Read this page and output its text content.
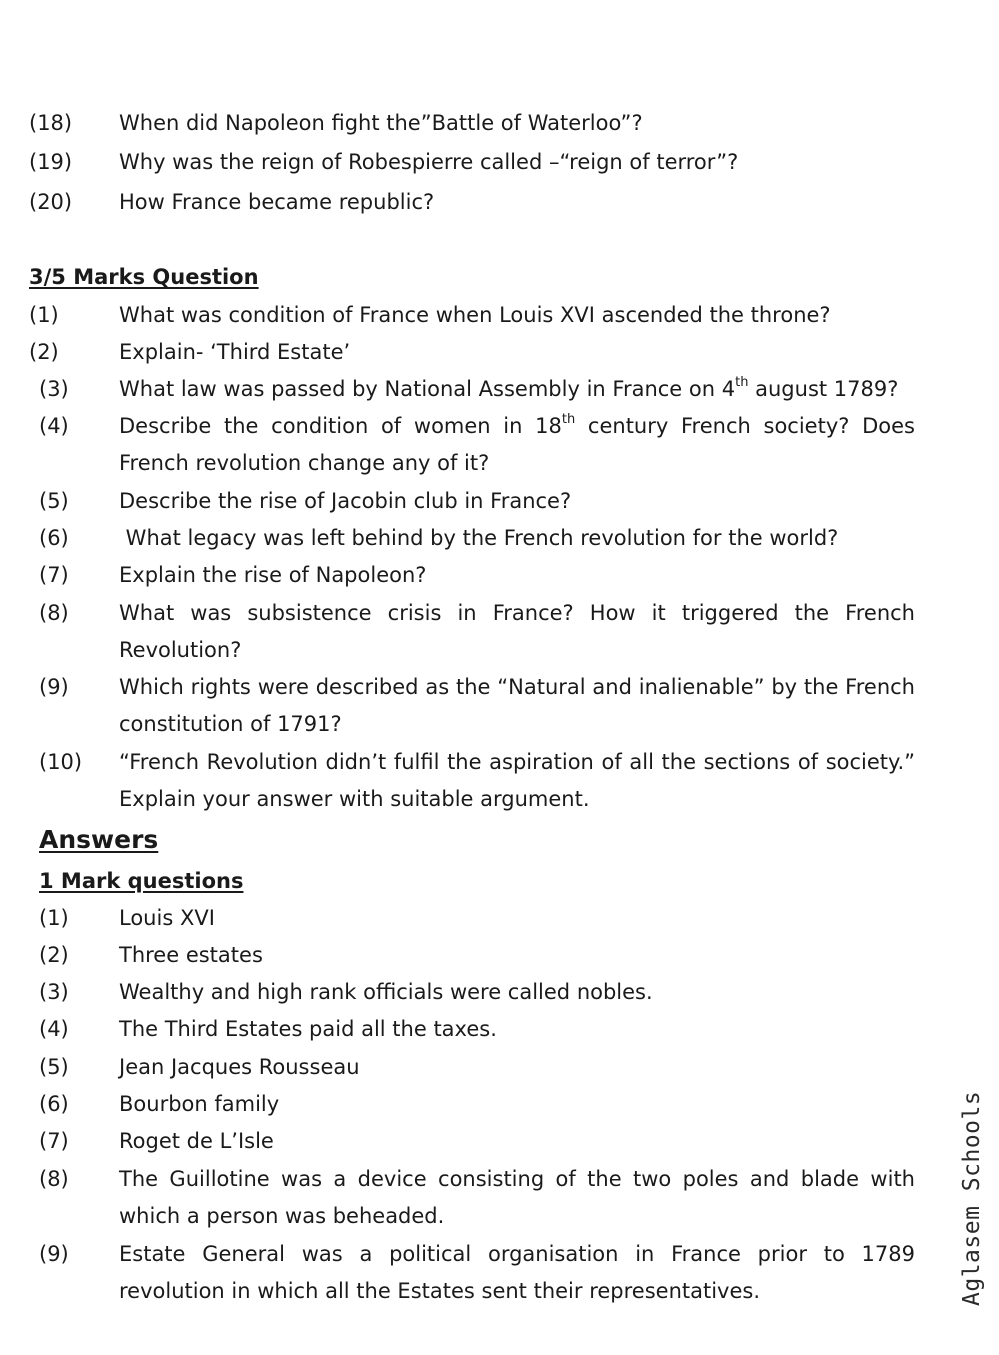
(18) When did Napoleon fight the”Battle of Waterloo”?
(19) Why was the reign of Robespierre called –“reign of terror”?
(20) How France became republic?
3/5 Marks Question
(1)	What was condition of France when Louis XVI ascended the throne?
(2)	Explain- ‘Third Estate’
(3) What law was passed by National Assembly in France on 4th august 1789?
(4) Describe the condition of women in 18th century French society? Does French revolution change any of it?
(5) Describe the rise of Jacobin club in France?
(6) What legacy was left behind by the French revolution for the world?
(7) Explain the rise of Napoleon?
(8) What was subsistence crisis in France? How it triggered the French Revolution?
(9) Which rights were described as the “Natural and inalienable” by the French constitution of 1791?
(10) “French Revolution didn’t fulfil the aspiration of all the sections of society.” Explain your answer with suitable argument.
Answers
1 Mark questions
(1) Louis XVI
(2) Three estates
(3) Wealthy and high rank officials were called nobles.
(4) The Third Estates paid all the taxes.
(5) Jean Jacques Rousseau
(6) Bourbon family
(7) Roget de L’Isle
(8) The Guillotine was a device consisting of the two poles and blade with which a person was beheaded.
(9) Estate General was a political organisation in France prior to 1789 revolution in which all the Estates sent their representatives.	Aglasem Schools
